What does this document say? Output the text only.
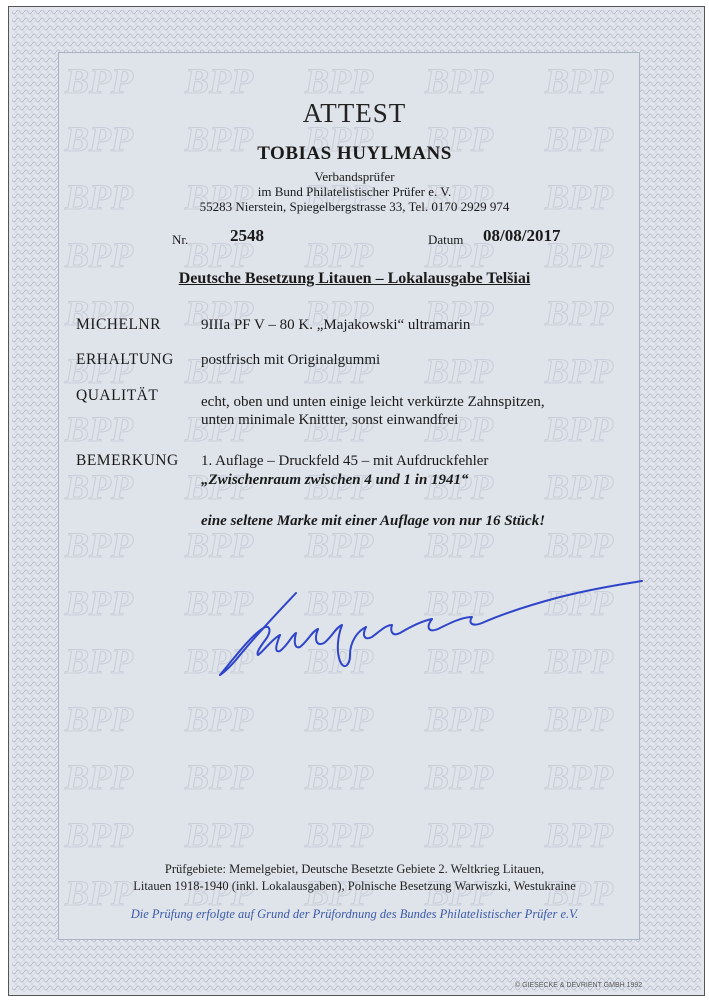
ATTEST
TOBIAS HUYLMANS
Verbandsprüfer
im Bund Philatelistischer Prüfer e. V.
55283 Nierstein, Spiegelbergstrasse 33, Tel. 0170 2929 974
Nr. 2548	Datum 08/08/2017
Deutsche Besetzung Litauen – Lokalausgabe Telšiai
MICHELNR	9IIIa PF V – 80 K. „Majakowski“ ultramarin
ERHALTUNG postfrisch mit Originalgummi
QUALITÄT	echt, oben und unten einige leicht verkürzte Zahnspitzen,
unten minimale Knittter, sonst einwandfrei
BEMERKUNG 1. Auflage – Druckfeld 45 – mit Aufdruckfehler
„Zwischenraum zwischen 4 und 1 in 1941“
eine seltene Marke mit einer Auflage von nur 16 Stück!
Prüfgebiete: Memelgebiet, Deutsche Besetzte Gebiete 2. Weltkrieg Litauen,
Litauen 1918-1940 (inkl. Lokalausgaben), Polnische Besetzung Warwiszki, Westukraine
Die Prüfung erfolgte auf Grund der Prüfordnung des Bundes Philatelistischer Prüfer e.V.
© GIESECKE & DEVRIENT GMBH 1992
